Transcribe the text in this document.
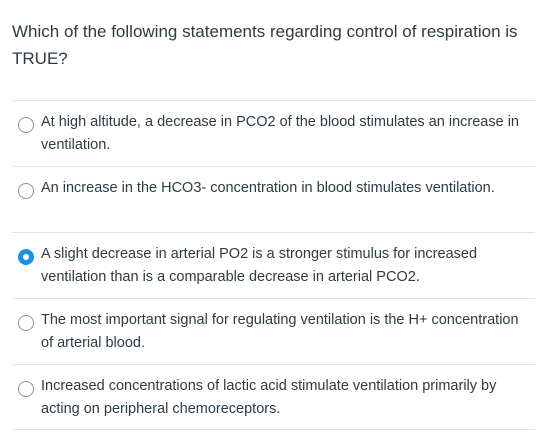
Which of the following statements regarding control of respiration is TRUE?
At high altitude, a decrease in PCO2 of the blood stimulates an increase in ventilation.
An increase in the HCO3- concentration in blood stimulates ventilation.
A slight decrease in arterial PO2 is a stronger stimulus for increased ventilation than is a comparable decrease in arterial PCO2.
The most important signal for regulating ventilation is the H+ concentration of arterial blood.
Increased concentrations of lactic acid stimulate ventilation primarily by acting on peripheral chemoreceptors.
